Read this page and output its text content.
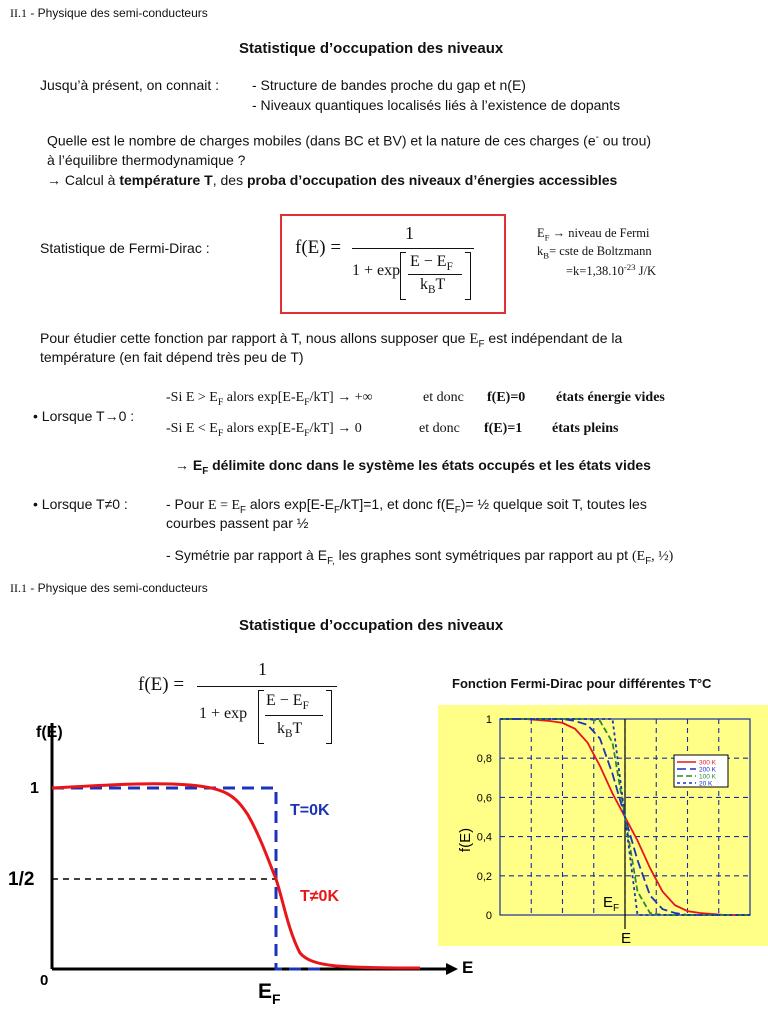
II.1 - Physique des semi-conducteurs
Statistique d’occupation des niveaux
Jusqu’à présent, on connait : - Structure de bandes proche du gap et n(E)
- Niveaux quantiques localisés liés à l’existence de dopants
Quelle est le nombre de charges mobiles (dans BC et BV) et la nature de ces charges (e- ou trou)
à l’équilibre thermodynamique ?
→ Calcul à température T, des proba d’occupation des niveaux d’énergies accessibles
Statistique de Fermi-Dirac :	f(E) =
1
1 + exp
$E - E_F$
$k_BT$
$E_F$ → niveau de Fermi
$k_B=$ cste de Boltzmann
$=k=1,38.10^{-23}$ J/K
Pour étudier cette fonction par rapport à T, nous allons supposer que $E_F$ est indépendant de la
température (en fait dépend très peu de T)
• Lorsque T→0 :
-Si $E > E_F$ alors $\exp[E-E_F/kT]$ → +∞	et donc f(E)=0 états énergie vides
-Si $E < E_F$ alors $\exp[E-E_F/kT] \to 0$	et donc f(E)=1 états pleins
→ $E_F$ délimite donc dans le système les états occupés et les états vides
• Lorsque T≠0 :	- Pour $E = E_F$ alors $\exp[E-E_F/kT]=1$, et donc $f(E_F)=$ ½ quelque soit T, toutes les
courbes passent par ½
- Symétrie par rapport à $E_{F,}$ les graphes sont symétriques par rapport au pt ($E_F$, ½)
II.1 - Physique des semi-conducteurs
Statistique d’occupation des niveaux
f(E) =
1
1 + exp
$E - E_F$
$k_BT$
Fonction Fermi-Dirac pour différentes T°C
f(E)
1
1/2
0
E
$E_F$
T=0K
T≠0K
0
0,2
0,4
0,6
0,8
1
f(E)
E
$E_F$
300 K
200 K
100 K
20 K
